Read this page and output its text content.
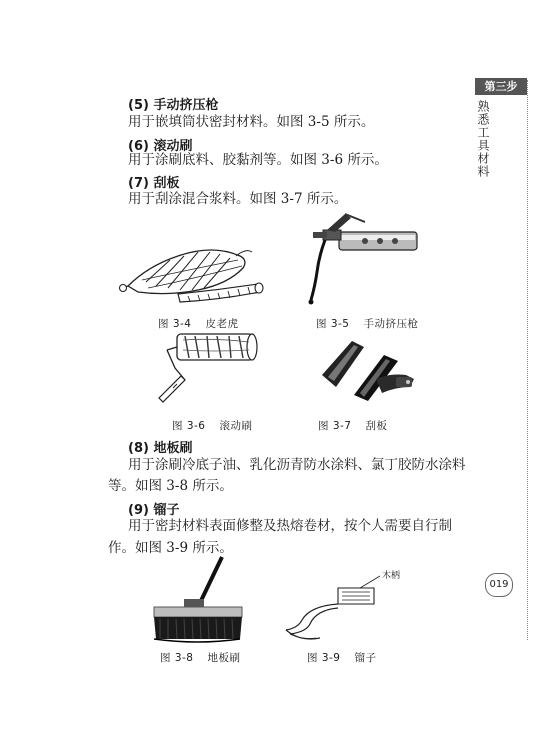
第三步
熟悉工具材料
019
(5) 手动挤压枪
用于嵌填筒状密封材料。如图 3-5 所示。
(6) 滚动刷
用于涂刷底料、胶黏剂等。如图 3-6 所示。
(7) 刮板
用于刮涂混合浆料。如图 3-7 所示。
图 3-4 皮老虎	图 3-5 手动挤压枪
图 3-6 滚动刷	图 3-7 刮板
(8) 地板刷
用于涂刷冷底子油、乳化沥青防水涂料、氯丁胶防水涂料
等。如图 3-8 所示。
(9) 镏子
用于密封材料表面修整及热熔卷材，按个人需要自行制
作。如图 3-9 所示。
图 3-8 地板刷
木柄
图 3-9 镏子
